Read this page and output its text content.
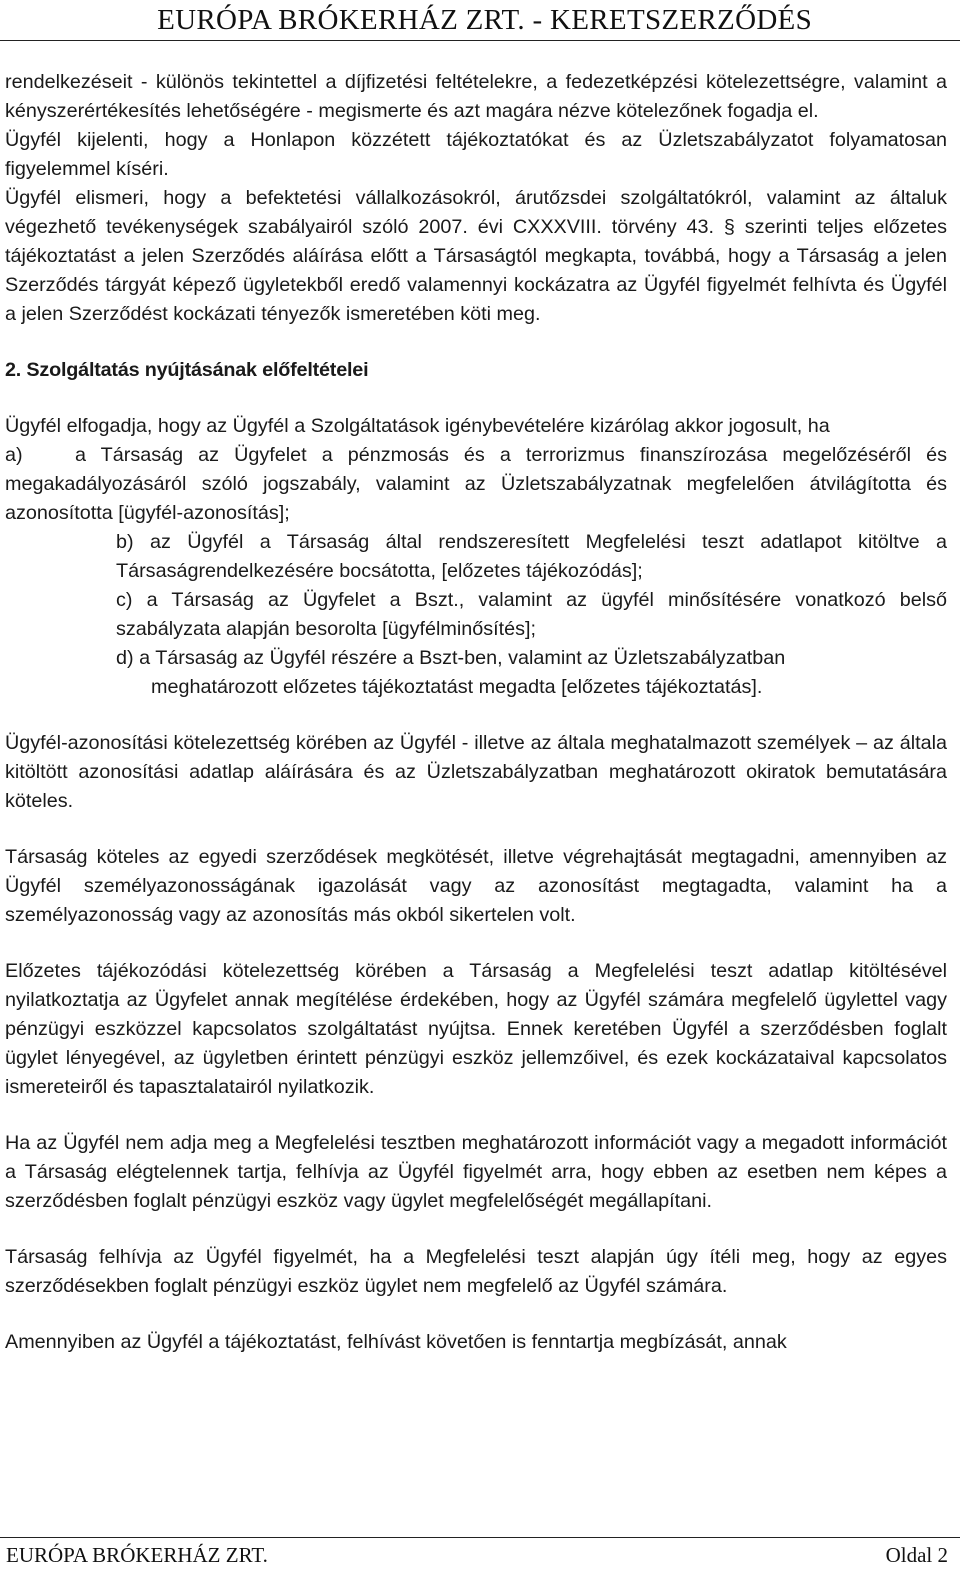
EURÓPA BRÓKERHÁZ ZRT. - KERETSZERZŐDÉS

rendelkezéseit - különös tekintettel a díjfizetési feltételekre, a fedezetképzési kötelezettségre, valamint a kényszerértékesítés lehetőségére - megismerte és azt magára nézve kötelezőnek fogadja el.

Ügyfél kijelenti, hogy a Honlapon közzétett tájékoztatókat és az Üzletszabályzatot folyamatosan figyelemmel kíséri.

Ügyfél elismeri, hogy a befektetési vállalkozásokról, árutőzsdei szolgáltatókról, valamint az általuk végezhető tevékenységek szabályairól szóló 2007. évi CXXXVIII. törvény 43. § szerinti teljes előzetes tájékoztatást a jelen Szerződés aláírása előtt a Társaságtól megkapta, továbbá, hogy a Társaság a jelen Szerződés tárgyát képező ügyletekből eredő valamennyi kockázatra az Ügyfél figyelmét felhívta és Ügyfél a jelen Szerződést kockázati tényezők ismeretében köti meg.

2. Szolgáltatás nyújtásának előfeltételei

Ügyfél elfogadja, hogy az Ügyfél a Szolgáltatások igénybevételére kizárólag akkor jogosult, ha

a)	a Társaság az Ügyfelet a pénzmosás és a terrorizmus finanszírozása megelőzéséről és megakadályozásáról szóló jogszabály, valamint az Üzletszabályzatnak megfelelően átvilágította és azonosította [ügyfél-azonosítás];

b) az Ügyfél a Társaság által rendszeresített Megfelelési teszt adatlapot kitöltve a Társaságrendelkezésére bocsátotta, [előzetes tájékozódás];

c) a Társaság az Ügyfelet a Bszt., valamint az ügyfél minősítésére vonatkozó belső szabályzata alapján besorolta [ügyfélminősítés];

d) a Társaság az Ügyfél részére a Bszt-ben, valamint az Üzletszabályzatban

meghatározott előzetes tájékoztatást megadta [előzetes tájékoztatás].

Ügyfél-azonosítási kötelezettség körében az Ügyfél - illetve az általa meghatalmazott személyek – az általa kitöltött azonosítási adatlap aláírására és az Üzletszabályzatban meghatározott okiratok bemutatására köteles.

Társaság köteles az egyedi szerződések megkötését, illetve végrehajtását megtagadni, amennyiben az Ügyfél személyazonosságának igazolását vagy az azonosítást megtagadta, valamint ha a személyazonosság vagy az azonosítás más okból sikertelen volt.

Előzetes tájékozódási kötelezettség körében a Társaság a Megfelelési teszt adatlap kitöltésével nyilatkoztatja az Ügyfelet annak megítélése érdekében, hogy az Ügyfél számára megfelelő ügylettel vagy pénzügyi eszközzel kapcsolatos szolgáltatást nyújtsa. Ennek keretében Ügyfél a szerződésben foglalt ügylet lényegével, az ügyletben érintett pénzügyi eszköz jellemzőivel, és ezek kockázataival kapcsolatos ismereteiről és tapasztalatairól nyilatkozik.

Ha az Ügyfél nem adja meg a Megfelelési tesztben meghatározott információt vagy a megadott információt a Társaság elégtelennek tartja, felhívja az Ügyfél figyelmét arra, hogy ebben az esetben nem képes a szerződésben foglalt pénzügyi eszköz vagy ügylet megfelelőségét megállapítani.

Társaság felhívja az Ügyfél figyelmét, ha a Megfelelési teszt alapján úgy ítéli meg, hogy az egyes szerződésekben foglalt pénzügyi eszköz ügylet nem megfelelő az Ügyfél számára.

Amennyiben az Ügyfél a tájékoztatást, felhívást követően is fenntartja megbízását, annak

EURÓPA BRÓKERHÁZ ZRT.	Oldal 2
